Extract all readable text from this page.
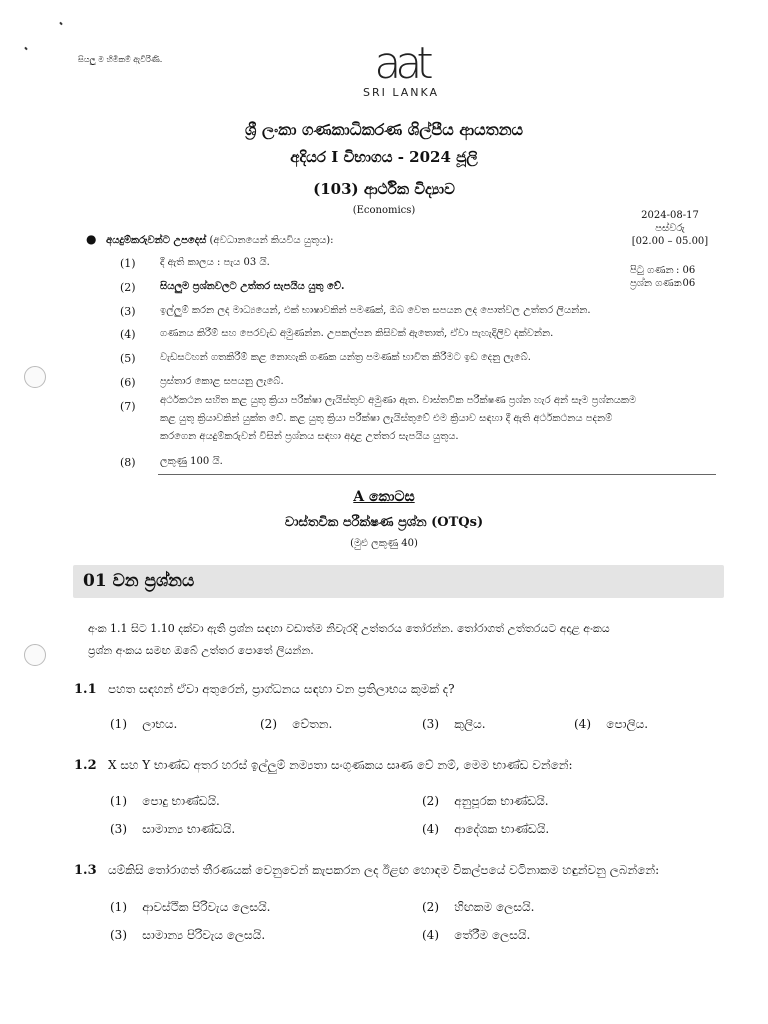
සියලු ම හිමිකම් ඇවිරිණි.	aat
SRI LANKA
ශ්‍රී ලංකා ගණකාධිකරණ ශිල්පීය ආයතනය
අදියර I විභාගය - 2024 ජූලි
(103) ආර්ථික විද්‍යාව
(Economics)	2024-08-17
පස්වරු
[02.00 – 05.00]
පිටු ගණන : 06
ප්‍රශ්න ගණන
: 06
● අයදුම්කරුවන්ට උපදෙස් (අවධානයෙන් කියවිය යුතුය):
(1) දී ඇති කාලය : පැය 03 යි.
(2) සියලුම ප්‍රශ්නවලට උත්තර සැපයිය යුතු වේ.
(3) ඉල්ලුම් කරන ලද මාධ්‍යයෙන්, එක් භාෂාවකින් පමණක්, ඔබ වෙත සපයන ලද පොත්වල උත්තර ලියන්න.
(4) ගණනය කිරීම් සහ පෙරවැඩ අමුණන්න. උපකල්පන කිසිවක් ඇතොත්, ඒවා පැහැදිලිව දක්වන්න.
(5) වැඩසටහන් ගතකිරීම් කළ නොහැකි ගණක යන්ත්‍ර පමණක් භාවිත කිරීමට ඉඩ දෙනු ලැබේ.
(6) ප්‍රස්තාර කොළ සපයනු ලැබේ.
(7) අර්ථකථන සහිත කළ යුතු ක්‍රියා පරීක්ෂා ලැයිස්තුව අමුණා ඇත. වාස්තවික පරීක්ෂණ ප්‍රශ්න හැර අන් සෑම ප්‍රශ්නයකම
කළ යුතු ක්‍රියාවකින් යුක්ත වේ. කළ යුතු ක්‍රියා පරීක්ෂා ලැයිස්තුවේ එම ක්‍රියාව සඳහා දී ඇති අර්ථකථනය පදනම්
කරගෙන අයදුම්කරුවන් විසින් ප්‍රශ්නය සඳහා අදාළ උත්තර සැපයිය යුතුය.
(8) ලකුණු 100 යි.
A කොටස
වාස්තවික පරීක්ෂණ ප්‍රශ්න (OTQs)
(මුළු ලකුණු 40)
01 වන ප්‍රශ්නය
අංක 1.1 සිට 1.10 දක්වා ඇති ප්‍රශ්න සඳහා වඩාත්ම නිවැරදි උත්තරය තෝරන්න. තෝරාගත් උත්තරයට අදාළ අංකය
ප්‍රශ්න අංකය සමඟ ඔබේ උත්තර පොතේ ලියන්න.
1.1 පහත සඳහන් ඒවා අතුරෙන්, ප්‍රාග්ධනය සඳහා වන ප්‍රතිලාභය කුමක් ද?
(1) ලාභය.	(2) වේතන.	(3) කුලිය.	(4) පොලිය.
1.2 X සහ Y භාණ්ඩ අතර හරස් ඉල්ලුම් නම්‍යතා සංගුණකය සෘණ වේ නම්, මෙම භාණ්ඩ වන්නේ:
(1) පොදු භාණ්ඩයි.	(2) අනුපූරක භාණ්ඩයි.
(3) සාමාන්‍ය භාණ්ඩයි.	(4) ආදේශක භාණ්ඩයි.
1.3 යම්කිසි තෝරාගත් තීරණයක් වෙනුවෙන් කැපකරන ලද ඊළඟ හොඳම විකල්පයේ වටිනාකම හඳුන්වනු ලබන්නේ:
(1) ආවස්ථික පිරිවැය ලෙසයි.	(2) හිඟකම ලෙසයි.
(3) සාමාන්‍ය පිරිවැය ලෙසයි.	(4) තේරීම ලෙසයි.
